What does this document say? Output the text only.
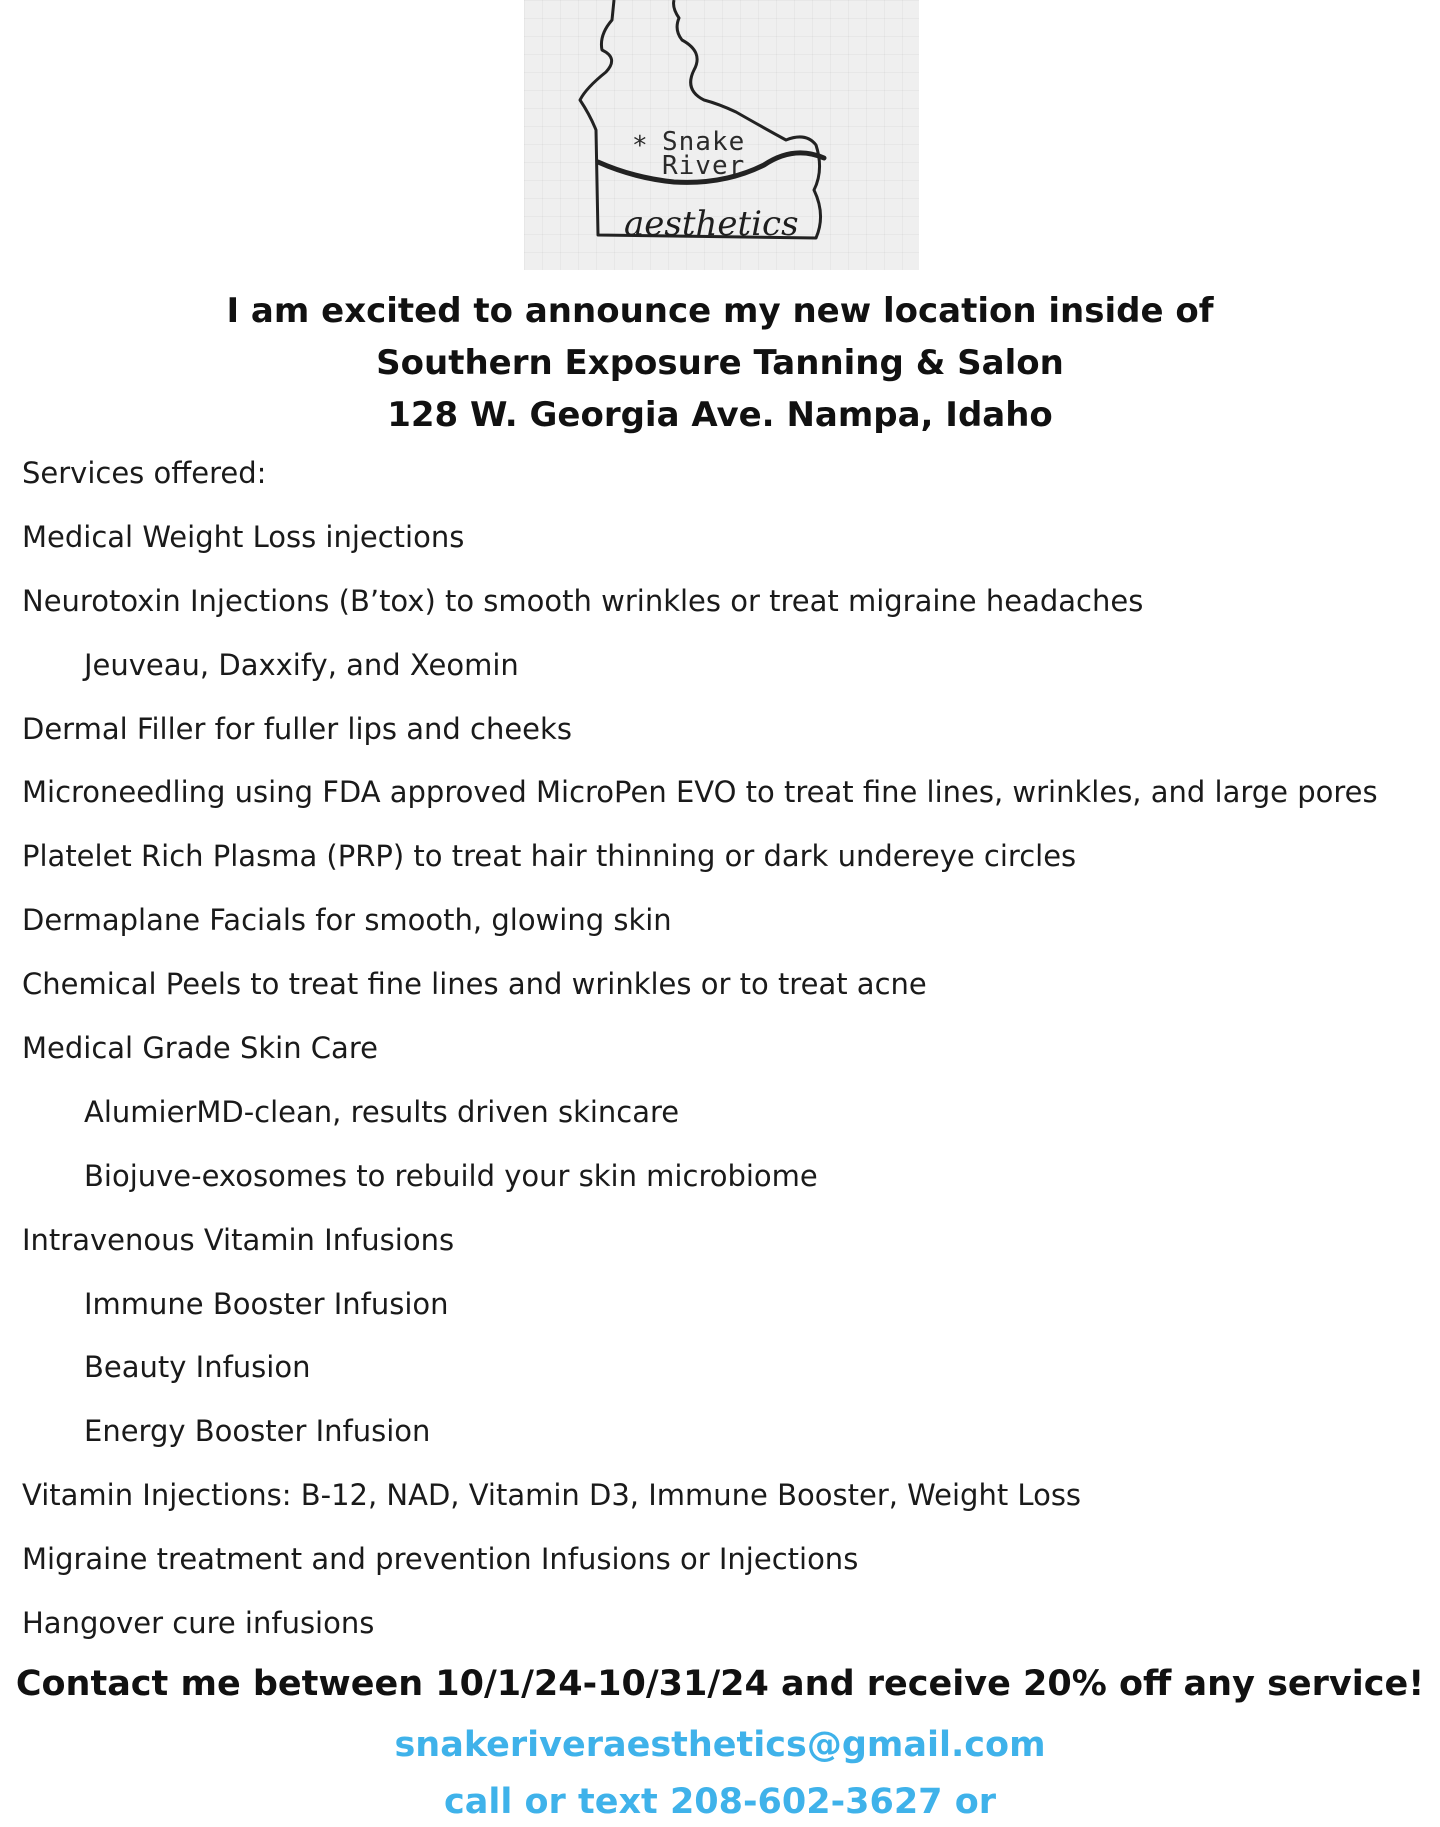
* Snake
River
aesthetics
I am excited to announce my new location inside of
Southern Exposure Tanning & Salon
128 W. Georgia Ave. Nampa, Idaho
Services offered:
Medical Weight Loss injections
Neurotoxin Injections (B’tox) to smooth wrinkles or treat migraine headaches
Jeuveau, Daxxify, and Xeomin
Dermal Filler for fuller lips and cheeks
Microneedling using FDA approved MicroPen EVO to treat fine lines, wrinkles, and large pores
Platelet Rich Plasma (PRP) to treat hair thinning or dark undereye circles
Dermaplane Facials for smooth, glowing skin
Chemical Peels to treat fine lines and wrinkles or to treat acne
Medical Grade Skin Care
AlumierMD-clean, results driven skincare
Biojuve-exosomes to rebuild your skin microbiome
Intravenous Vitamin Infusions
Immune Booster Infusion
Beauty Infusion
Energy Booster Infusion
Vitamin Injections: B-12, NAD, Vitamin D3, Immune Booster, Weight Loss
Migraine treatment and prevention Infusions or Injections
Hangover cure infusions
Contact me between 10/1/24-10/31/24 and receive 20% off any service!
snakeriveraesthetics@gmail.com
call or text 208-602-3627 or
